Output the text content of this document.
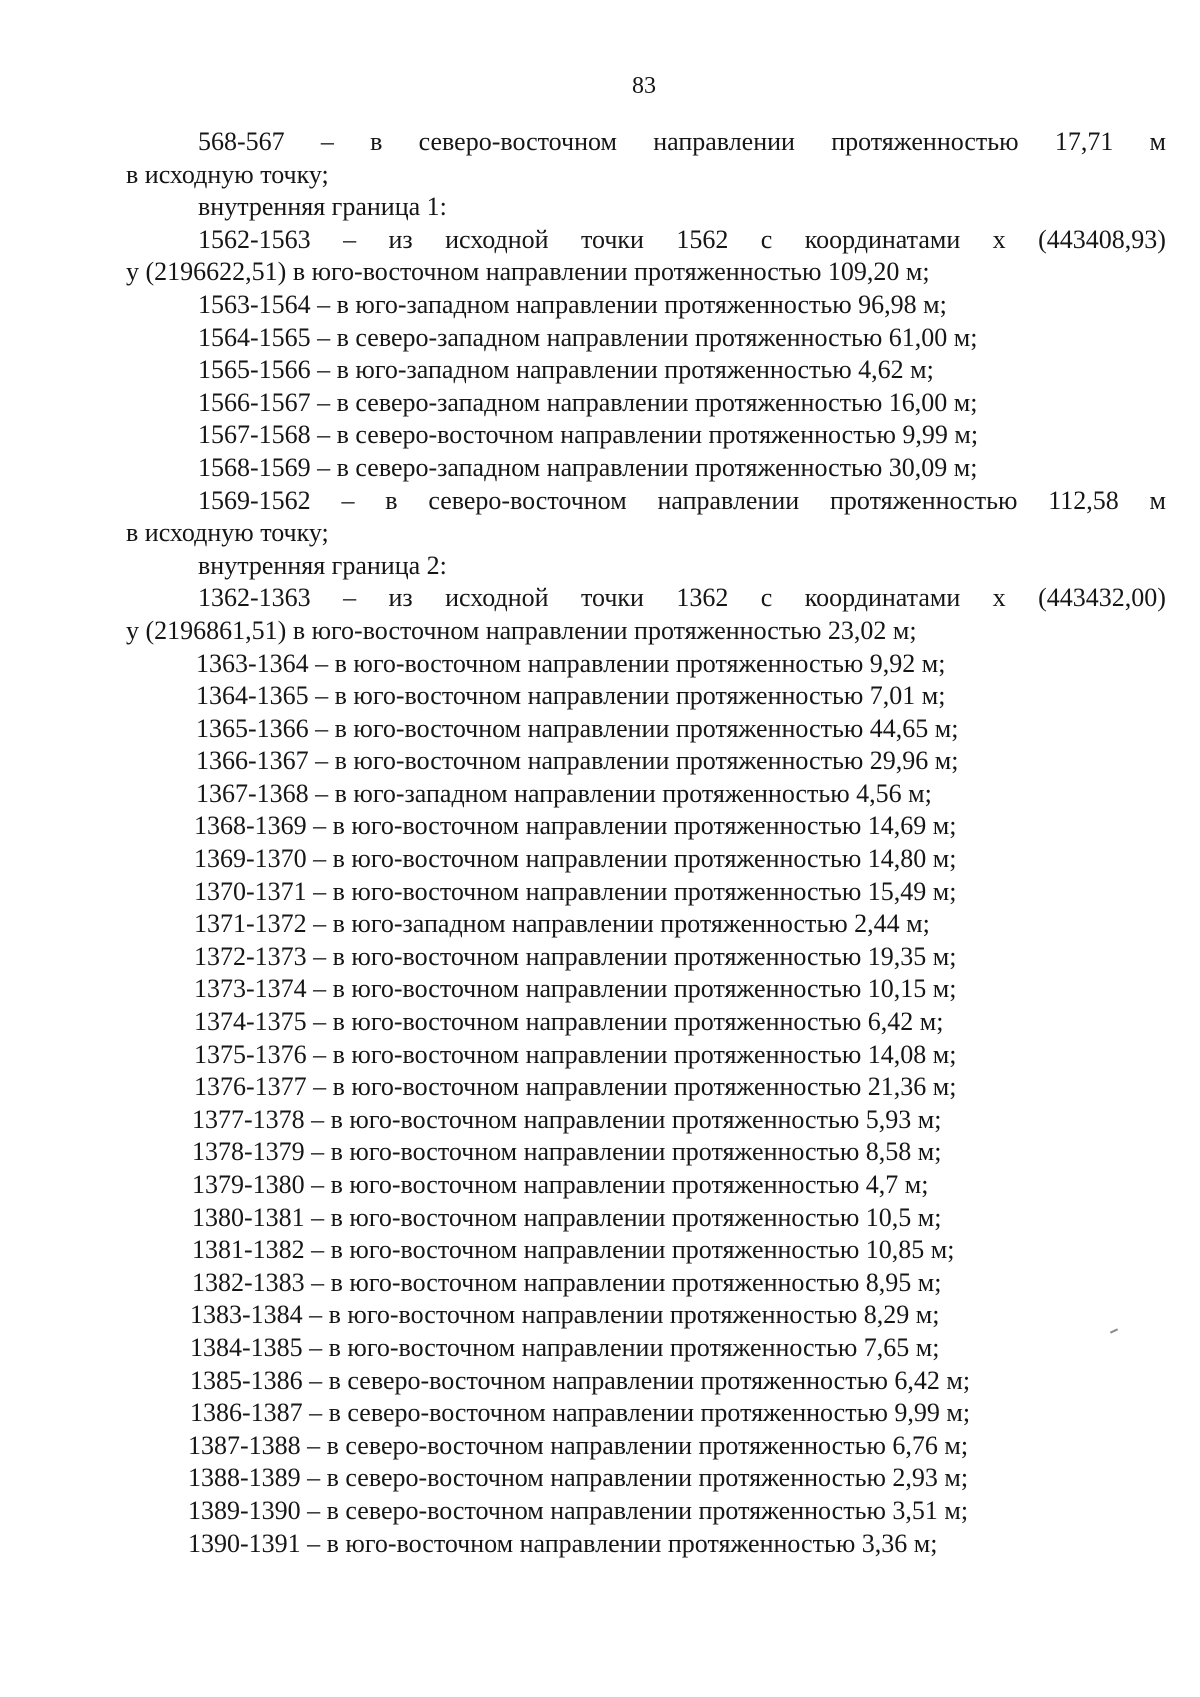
83
568-567 – в северо-восточном направлении протяженностью 17,71 м
в исходную точку;
внутренняя граница 1:
1562-1563 – из исходной точки 1562 с координатами х (443408,93)
у (2196622,51) в юго-восточном направлении протяженностью 109,20 м;
1563-1564 – в юго-западном направлении протяженностью 96,98 м;
1564-1565 – в северо-западном направлении протяженностью 61,00 м;
1565-1566 – в юго-западном направлении протяженностью 4,62 м;
1566-1567 – в северо-западном направлении протяженностью 16,00 м;
1567-1568 – в северо-восточном направлении протяженностью 9,99 м;
1568-1569 – в северо-западном направлении протяженностью 30,09 м;
1569-1562 – в северо-восточном направлении протяженностью 112,58 м
в исходную точку;
внутренняя граница 2:
1362-1363 – из исходной точки 1362 с координатами х (443432,00)
у (2196861,51) в юго-восточном направлении протяженностью 23,02 м;
1363-1364 – в юго-восточном направлении протяженностью 9,92 м;
1364-1365 – в юго-восточном направлении протяженностью 7,01 м;
1365-1366 – в юго-восточном направлении протяженностью 44,65 м;
1366-1367 – в юго-восточном направлении протяженностью 29,96 м;
1367-1368 – в юго-западном направлении протяженностью 4,56 м;
1368-1369 – в юго-восточном направлении протяженностью 14,69 м;
1369-1370 – в юго-восточном направлении протяженностью 14,80 м;
1370-1371 – в юго-восточном направлении протяженностью 15,49 м;
1371-1372 – в юго-западном направлении протяженностью 2,44 м;
1372-1373 – в юго-восточном направлении протяженностью 19,35 м;
1373-1374 – в юго-восточном направлении протяженностью 10,15 м;
1374-1375 – в юго-восточном направлении протяженностью 6,42 м;
1375-1376 – в юго-восточном направлении протяженностью 14,08 м;
1376-1377 – в юго-восточном направлении протяженностью 21,36 м;
1377-1378 – в юго-восточном направлении протяженностью 5,93 м;
1378-1379 – в юго-восточном направлении протяженностью 8,58 м;
1379-1380 – в юго-восточном направлении протяженностью 4,7 м;
1380-1381 – в юго-восточном направлении протяженностью 10,5 м;
1381-1382 – в юго-восточном направлении протяженностью 10,85 м;
1382-1383 – в юго-восточном направлении протяженностью 8,95 м;
1383-1384 – в юго-восточном направлении протяженностью 8,29 м;
1384-1385 – в юго-восточном направлении протяженностью 7,65 м;
1385-1386 – в северо-восточном направлении протяженностью 6,42 м;
1386-1387 – в северо-восточном направлении протяженностью 9,99 м;
1387-1388 – в северо-восточном направлении протяженностью 6,76 м;
1388-1389 – в северо-восточном направлении протяженностью 2,93 м;
1389-1390 – в северо-восточном направлении протяженностью 3,51 м;
1390-1391 – в юго-восточном направлении протяженностью 3,36 м;
